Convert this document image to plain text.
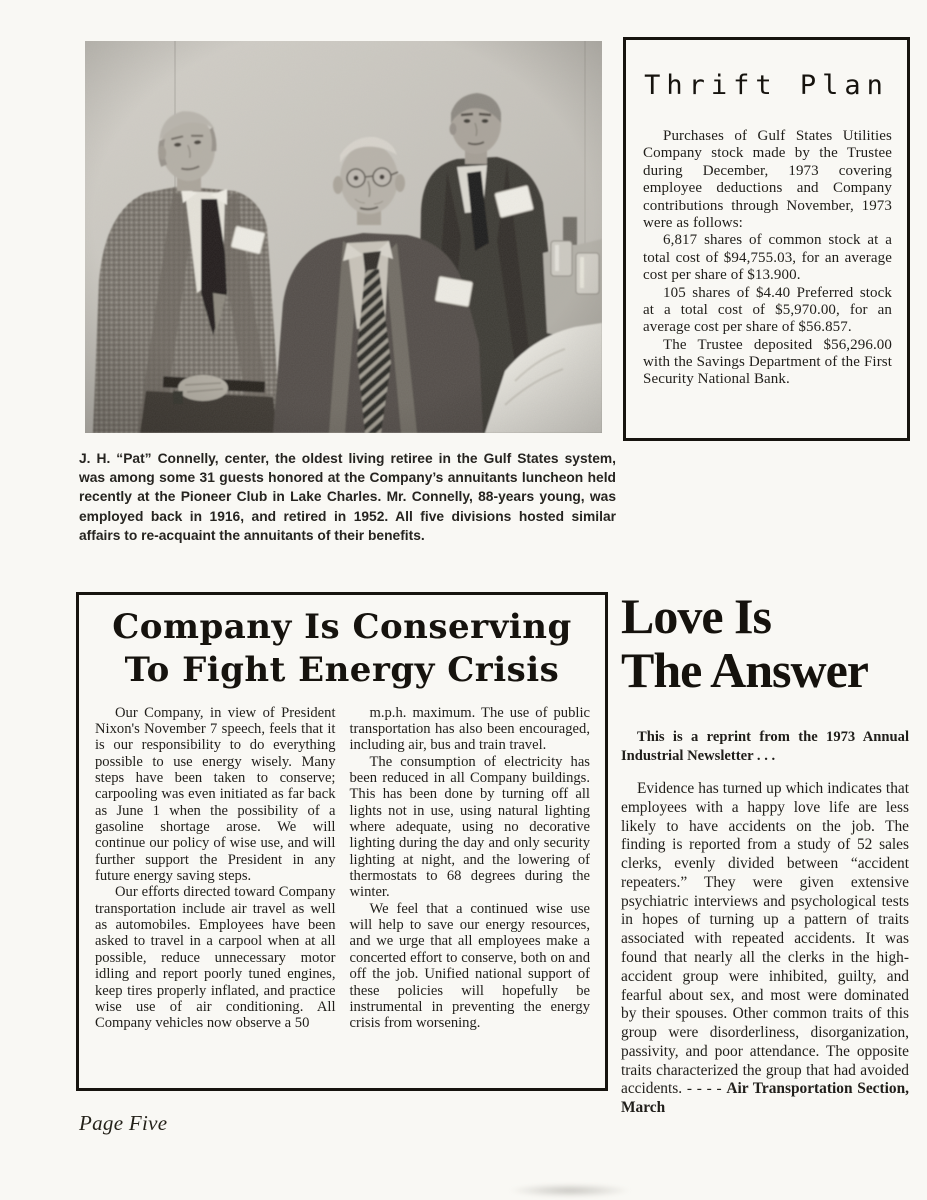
Thrift Plan

Purchases of Gulf States Utilities Company stock made by the Trustee during December, 1973 covering employee deductions and Company contributions through November, 1973 were as follows:

6,817 shares of common stock at a total cost of $94,755.03, for an average cost per share of $13.900.

105 shares of $4.40 Preferred stock at a total cost of $5,970.00, for an average cost per share of $56.857.

The Trustee deposited $56,296.00 with the Savings Department of the First Security National Bank.

J. H. “Pat” Connelly, center, the oldest living retiree in the Gulf States system, was among some 31 guests honored at the Company’s annuitants luncheon held recently at the Pioneer Club in Lake Charles. Mr. Connelly, 88-years young, was employed back in 1916, and retired in 1952. All five divisions hosted similar affairs to re-acquaint the annuitants of their benefits.
Company Is Conserving
To Fight Energy Crisis

Our Company, in view of President Nixon's November 7 speech, feels that it is our responsibility to do everything possible to use energy wisely. Many steps have been taken to conserve; carpooling was even initiated as far back as June 1 when the possibility of a gasoline shortage arose. We will continue our policy of wise use, and will further support the President in any future energy saving steps.

Our efforts directed toward Company transportation include air travel as well as automobiles. Employees have been asked to travel in a carpool when at all possible, reduce unnecessary motor idling and report poorly tuned engines, keep tires properly inflated, and practice wise use of air conditioning. All Company vehicles now observe a 50

m.p.h. maximum. The use of public transportation has also been encouraged, including air, bus and train travel.

The consumption of electricity has been reduced in all Company buildings. This has been done by turning off all lights not in use, using natural lighting where adequate, using no decorative lighting during the day and only security lighting at night, and the lowering of thermostats to 68 degrees during the winter.

We feel that a continued wise use will help to save our energy resources, and we urge that all employees make a concerted effort to conserve, both on and off the job. Unified national support of these policies will hopefully be instrumental in preventing the energy crisis from worsening.

Love Is
The Answer

This is a reprint from the 1973 Annual Industrial Newsletter . . .

Evidence has turned up which indicates that employees with a happy love life are less likely to have accidents on the job. The finding is reported from a study of 52 sales clerks, evenly divided between “accident repeaters.” They were given extensive psychiatric interviews and psychological tests in hopes of turning up a pattern of traits associated with repeated accidents. It was found that nearly all the clerks in the high-accident group were inhibited, guilty, and fearful about sex, and most were dominated by their spouses. Other common traits of this group were disorderliness, disorganization, passivity, and poor attendance. The opposite traits characterized the group that had avoided accidents. - - - - Air Transportation Section, March

Page Five
